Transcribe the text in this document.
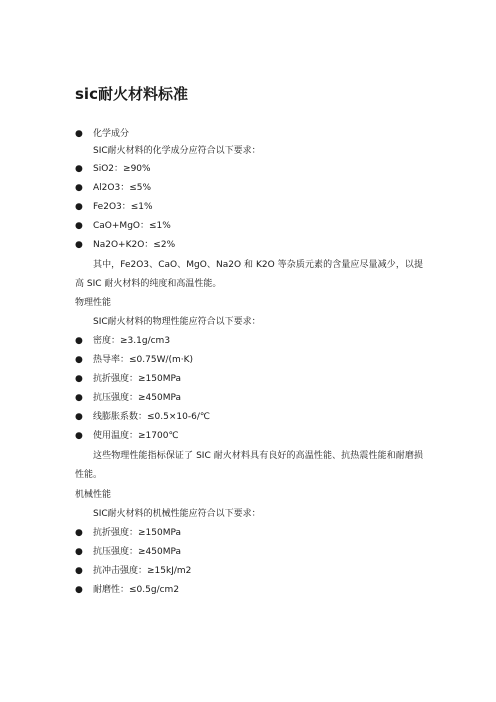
sic耐火材料标准
● 化学成分
SIC耐火材料的化学成分应符合以下要求：
● SiO2：≥90%
● Al2O3：≤5%
● Fe2O3：≤1%
● CaO+MgO：≤1%
● Na2O+K2O：≤2%
其中，Fe2O3、CaO、MgO、Na2O 和 K2O 等杂质元素的含量应尽量减少，以提高 SIC 耐火材料的纯度和高温性能。
物理性能
SIC耐火材料的物理性能应符合以下要求：
● 密度：≥3.1g/cm3
● 热导率：≤0.75W/(m·K)
● 抗折强度：≥150MPa
● 抗压强度：≥450MPa
● 线膨胀系数：≤0.5×10-6/℃
● 使用温度：≥1700℃
这些物理性能指标保证了 SIC 耐火材料具有良好的高温性能、抗热震性能和耐磨损性能。
机械性能
SIC耐火材料的机械性能应符合以下要求：
● 抗折强度：≥150MPa
● 抗压强度：≥450MPa
● 抗冲击强度：≥15kJ/m2
● 耐磨性：≤0.5g/cm2
